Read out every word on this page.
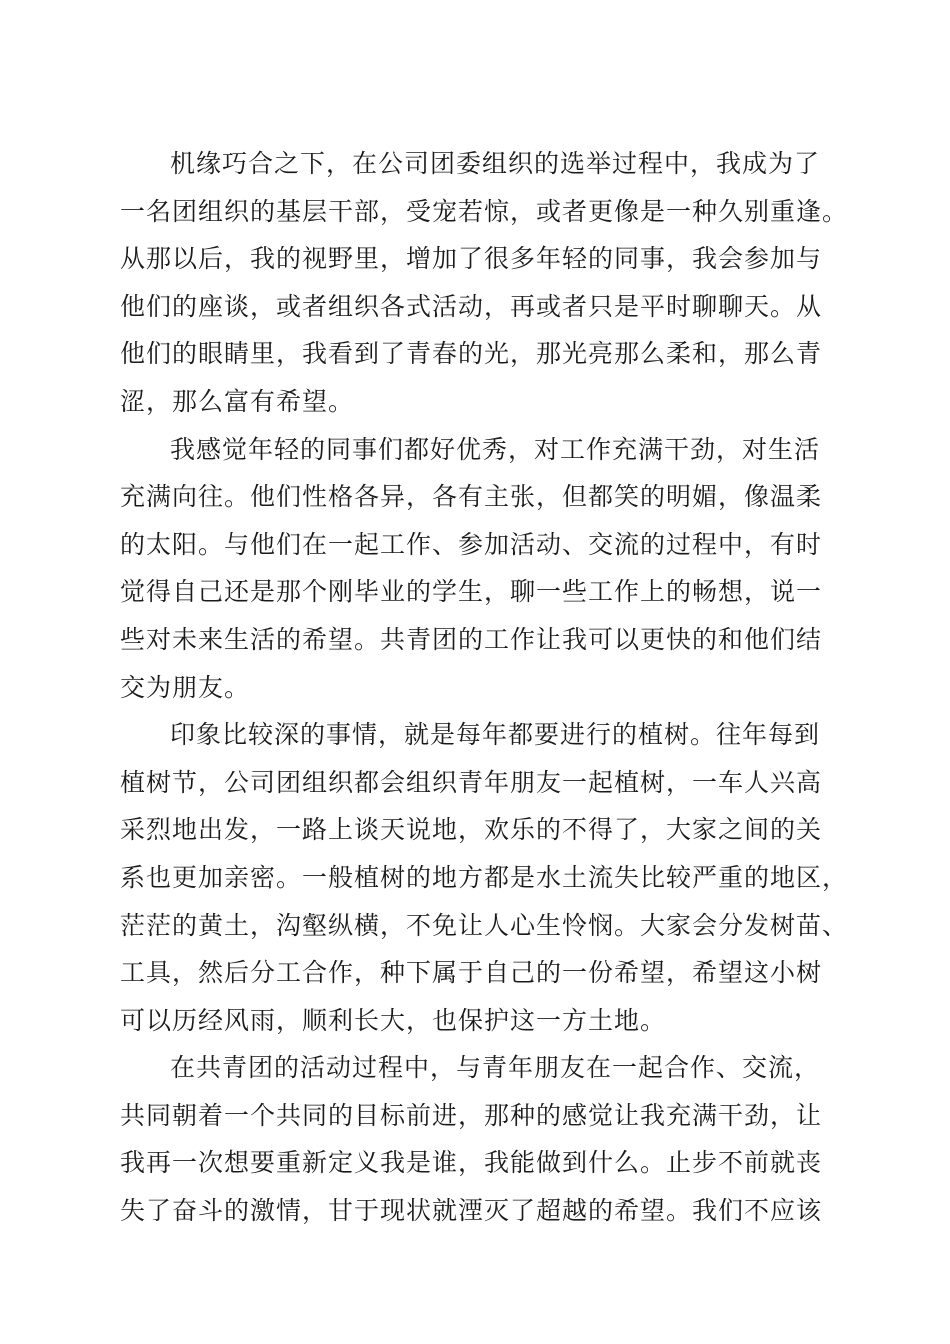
机缘巧合之下，在公司团委组织的选举过程中，我成为了
一名团组织的基层干部，受宠若惊，或者更像是一种久别重逢。
从那以后，我的视野里，增加了很多年轻的同事，我会参加与
他们的座谈，或者组织各式活动，再或者只是平时聊聊天。从
他们的眼睛里，我看到了青春的光，那光亮那么柔和，那么青
涩，那么富有希望。
我感觉年轻的同事们都好优秀，对工作充满干劲，对生活
充满向往。他们性格各异，各有主张，但都笑的明媚，像温柔
的太阳。与他们在一起工作、参加活动、交流的过程中，有时
觉得自己还是那个刚毕业的学生，聊一些工作上的畅想，说一
些对未来生活的希望。共青团的工作让我可以更快的和他们结
交为朋友。
印象比较深的事情，就是每年都要进行的植树。往年每到
植树节，公司团组织都会组织青年朋友一起植树，一车人兴高
采烈地出发，一路上谈天说地，欢乐的不得了，大家之间的关
系也更加亲密。一般植树的地方都是水土流失比较严重的地区，
茫茫的黄土，沟壑纵横，不免让人心生怜悯。大家会分发树苗、
工具，然后分工合作，种下属于自己的一份希望，希望这小树
可以历经风雨，顺利长大，也保护这一方土地。
在共青团的活动过程中，与青年朋友在一起合作、交流，
共同朝着一个共同的目标前进，那种的感觉让我充满干劲，让
我再一次想要重新定义我是谁，我能做到什么。止步不前就丧
失了奋斗的激情，甘于现状就湮灭了超越的希望。我们不应该
